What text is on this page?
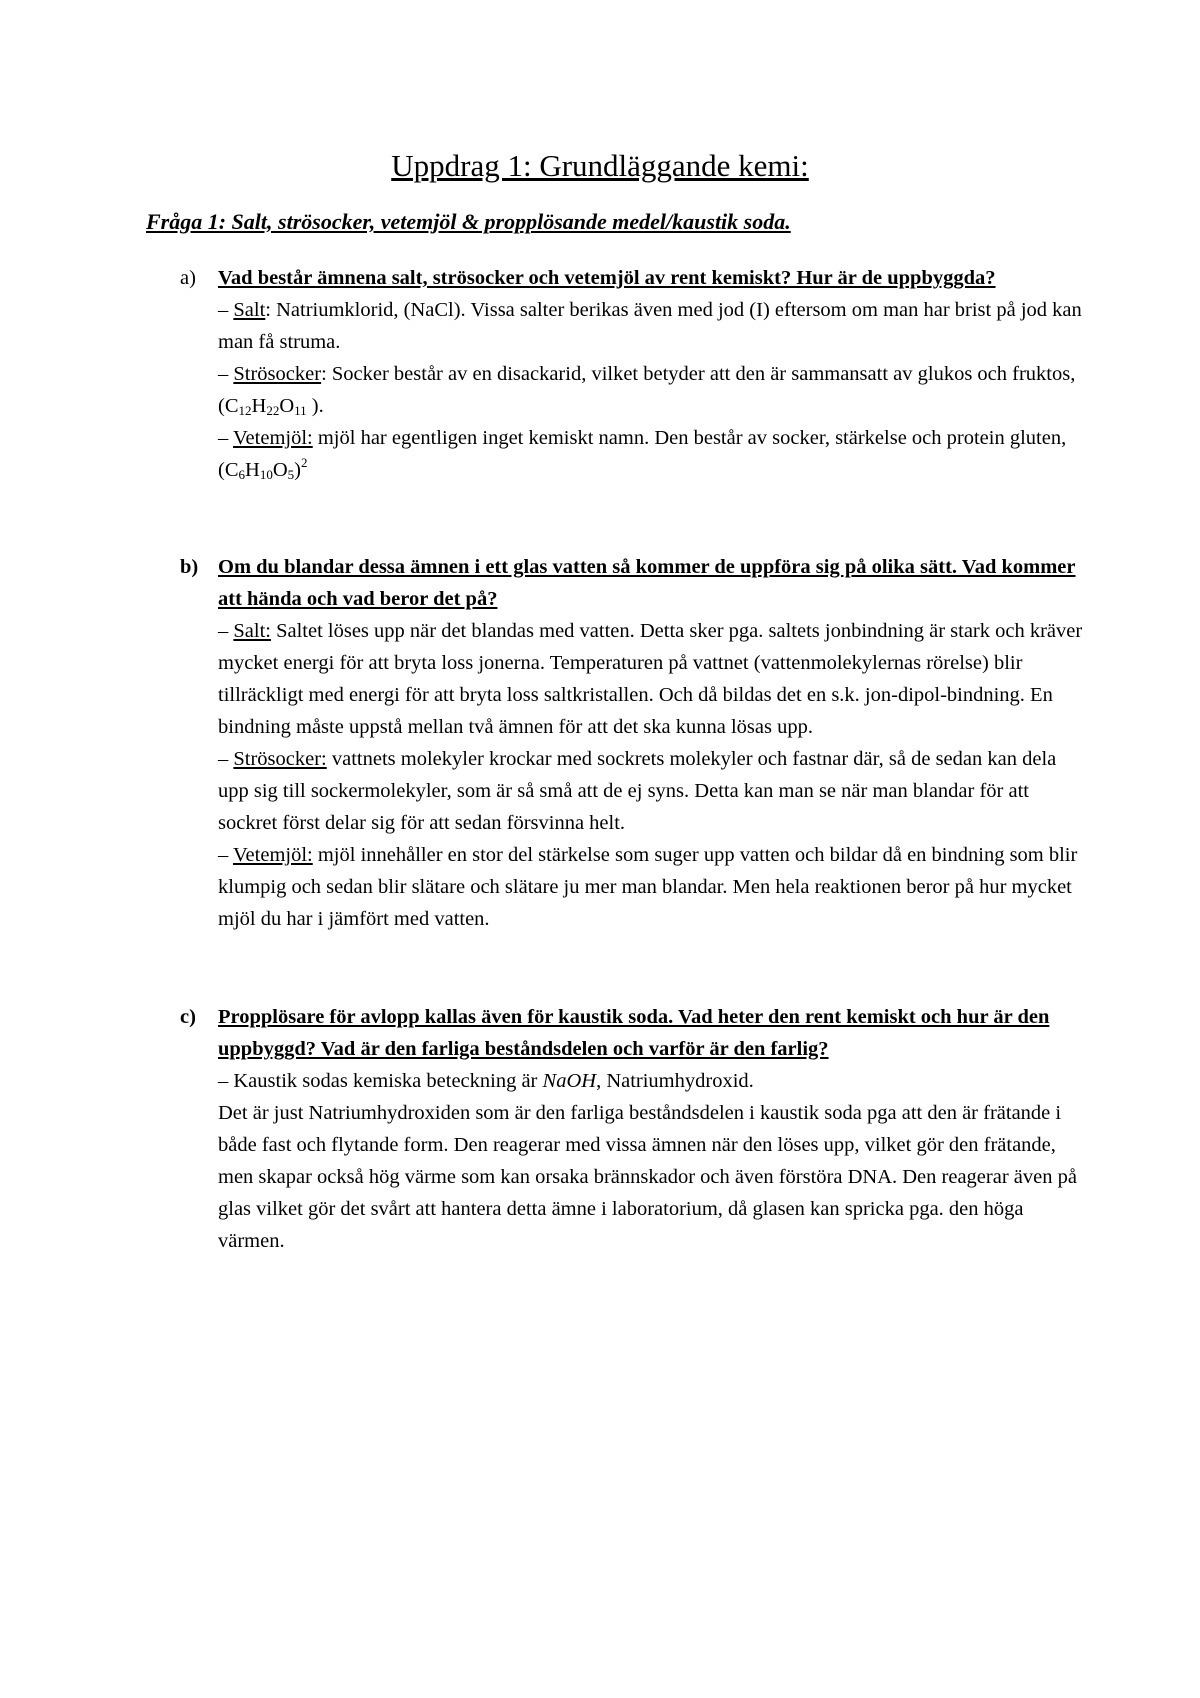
Uppdrag 1: Grundläggande kemi:
Fråga 1: Salt, strösocker, vetemjöl & propplösande medel/kaustik soda.
a) Vad består ämnena salt, strösocker och vetemjöl av rent kemiskt? Hur är de uppbyggda?
– Salt: Natriumklorid, (NaCl). Vissa salter berikas även med jod (I) eftersom om man har brist på jod kan man få struma.
– Strösocker: Socker består av en disackarid, vilket betyder att den är sammansatt av glukos och fruktos, ($C_{12}H_{22}O_{11}$ ).
– Vetemjöl: mjöl har egentligen inget kemiskt namn. Den består av socker, stärkelse och protein gluten, $(C_6H_{10}O_5)^2$
b) Om du blandar dessa ämnen i ett glas vatten så kommer de uppföra sig på olika sätt. Vad kommer att hända och vad beror det på?
– Salt: Saltet löses upp när det blandas med vatten. Detta sker pga. saltets jonbindning är stark och kräver mycket energi för att bryta loss jonerna. Temperaturen på vattnet (vattenmolekylernas rörelse) blir tillräckligt med energi för att bryta loss saltkristallen. Och då bildas det en s.k. jon-dipol-bindning. En bindning måste uppstå mellan två ämnen för att det ska kunna lösas upp.
– Strösocker: vattnets molekyler krockar med sockrets molekyler och fastnar där, så de sedan kan dela upp sig till sockermolekyler, som är så små att de ej syns. Detta kan man se när man blandar för att sockret först delar sig för att sedan försvinna helt.
– Vetemjöl: mjöl innehåller en stor del stärkelse som suger upp vatten och bildar då en bindning som blir klumpig och sedan blir slätare och slätare ju mer man blandar. Men hela reaktionen beror på hur mycket mjöl du har i jämfört med vatten.
c) Propplösare för avlopp kallas även för kaustik soda. Vad heter den rent kemiskt och hur är den uppbyggd? Vad är den farliga beståndsdelen och varför är den farlig?
– Kaustik sodas kemiska beteckning är NaOH, Natriumhydroxid.
Det är just Natriumhydroxiden som är den farliga beståndsdelen i kaustik soda pga att den är frätande i både fast och flytande form. Den reagerar med vissa ämnen när den löses upp, vilket gör den frätande, men skapar också hög värme som kan orsaka brännskador och även förstöra DNA. Den reagerar även på glas vilket gör det svårt att hantera detta ämne i laboratorium, då glasen kan spricka pga. den höga värmen.
